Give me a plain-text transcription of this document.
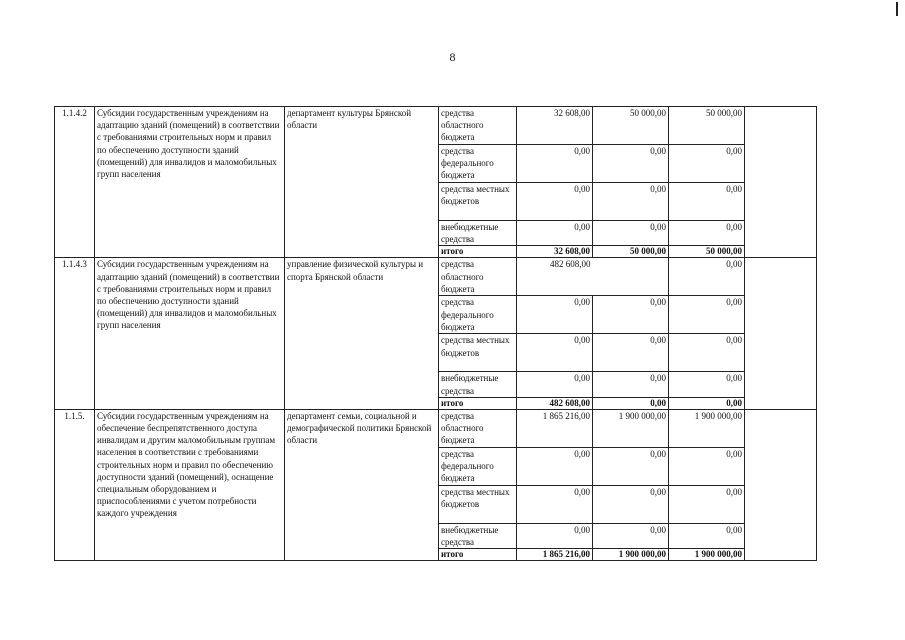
8
1.1.4.2	Субсидии государственным учреждениям на адаптацию зданий (помещений) в соответствии с требованиями строительных норм и правил по обеспечению доступности зданий (помещений) для инвалидов и маломобильных групп населения	департамент культуры Брянской области	средства областного бюджета	32 608,00	50 000,00	50 000,00	
			средства федерального бюджета	0,00	0,00	0,00	
			средства местных бюджетов	0,00	0,00	0,00	
			внебюджетные средства	0,00	0,00	0,00	
			итого	32 608,00	50 000,00	50 000,00	
1.1.4.3	Субсидии государственным учреждениям на адаптацию зданий (помещений) в соответствии с требованиями строительных норм и правил по обеспечению доступности зданий (помещений) для инвалидов и маломобильных групп населения	управление физической культуры и спорта Брянской области	средства областного бюджета	482 608,00		0,00	
			средства федерального бюджета	0,00	0,00	0,00	
			средства местных бюджетов	0,00	0,00	0,00	
			внебюджетные средства	0,00	0,00	0,00	
			итого	482 608,00	0,00	0,00	
1.1.5.	Субсидии государственным учреждениям на обеспечение беспрепятственного доступа инвалидам и другим маломобильным группам населения в соответствии с требованиями строительных норм и правил по обеспечению доступности зданий (помещений), оснащение специальным оборудованием и приспособлениями с учетом потребности каждого учреждения	департамент семьи, социальной и демографической политики Брянской области	средства областного бюджета	1 865 216,00	1 900 000,00	1 900 000,00	
			средства федерального бюджета	0,00	0,00	0,00	
			средства местных бюджетов	0,00	0,00	0,00	
			внебюджетные средства	0,00	0,00	0,00	
			итого	1 865 216,00	1 900 000,00	1 900 000,00	
